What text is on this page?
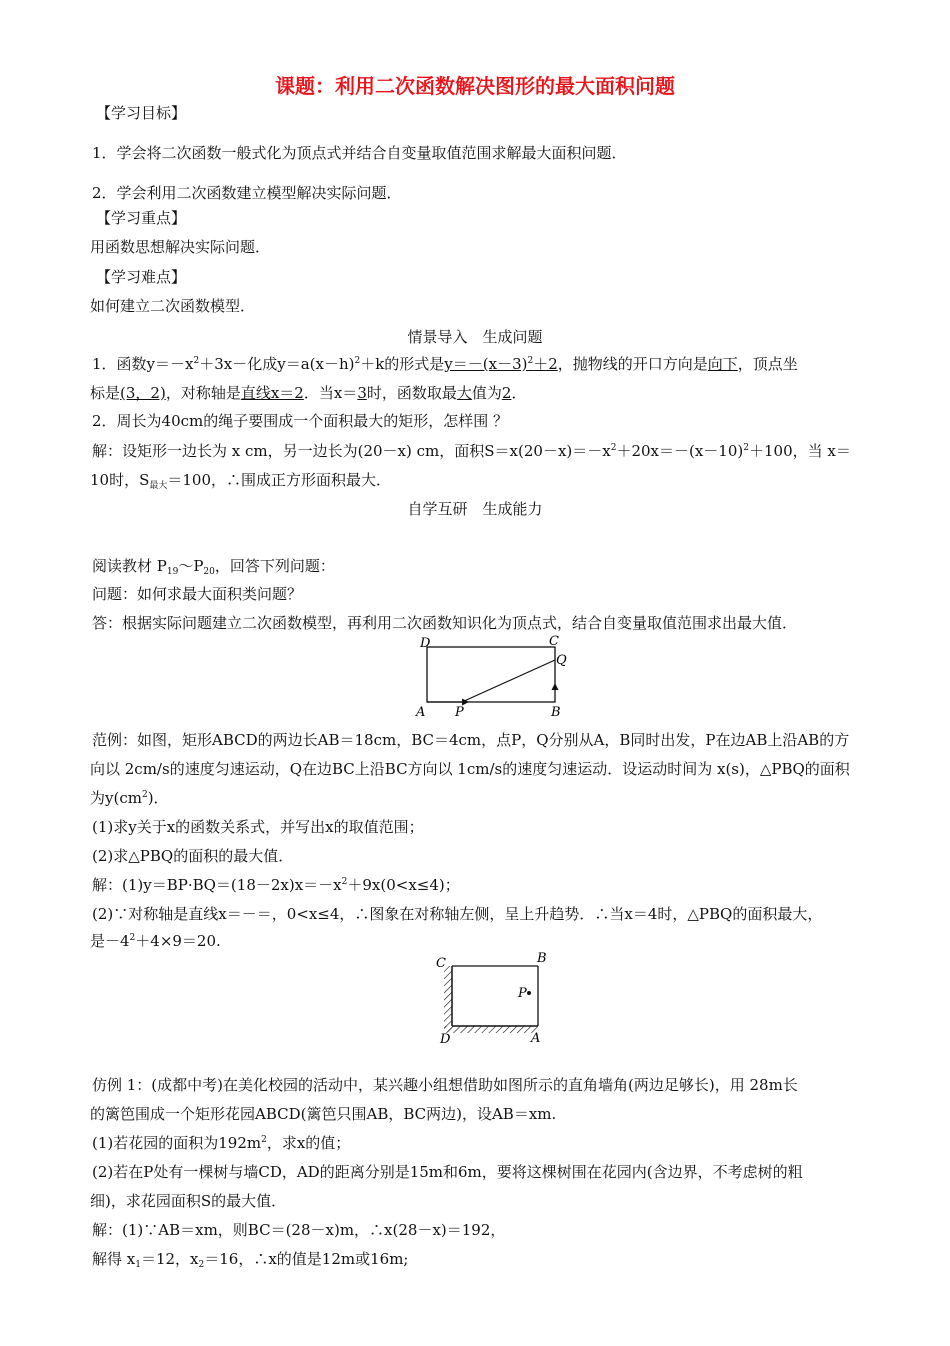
课题：利用二次函数解决图形的最大面积问题
【学习目标】
1．学会将二次函数一般式化为顶点式并结合自变量取值范围求解最大面积问题．
2．学会利用二次函数建立模型解决实际问题．
【学习重点】
用函数思想解决实际问题．
【学习难点】
如何建立二次函数模型．
情景导入　生成问题
1．函数$y=-x^2+3x-$化成$y=a(x-h)^2+k$的形式是$y=-(x-3)^2+2$，抛物线的开口方向是向下，顶点坐
标是(3，2)，对称轴是直线x＝2．当x＝3时，函数取最大值为2．
2．周长为40cm的绳子要围成一个面积最大的矩形，怎样围 ？
解：设矩形一边长为 x cm，另一边长为(20－x) cm，面积$S=x(20-x)=-x^2+20x=-(x-10)^2+100$，当 x＝
10时，$S_{最大}=100$，∴围成正方形面积最大．
自学互研　生成能力
阅读教材 $P_{19}\sim P_{20}$，回答下列问题：
问题：如何求最大面积类问题？
答：根据实际问题建立二次函数模型，再利用二次函数知识化为顶点式，结合自变量取值范围求出最大值．
D	C
Q
A P	B
范例：如图，矩形ABCD的两边长AB＝18cm，BC＝4cm，点P，Q分别从A，B同时出发，P在边AB上沿AB的方
向以 2cm/s的速度匀速运动，Q在边BC上沿BC方向以 1cm/s的速度匀速运动．设运动时间为 x(s)，△PBQ的面积
为$y(cm^2)$．
(1)求y关于x的函数关系式，并写出x的取值范围；
(2)求△PBQ的面积的最大值．
解：$(1)y=BP\cdot BQ=(18-2x)x=-x^2+9x(0<x\le 4)$；
(2)∵对称轴是直线x＝－＝，0<x≤4，∴图象在对称轴左侧，呈上升趋势．∴当x＝4时，△PBQ的面积最大，
是$-4^2+4\times 9=20$.
C	B
P
D	A
仿例 1：(成都中考)在美化校园的活动中，某兴趣小组想借助如图所示的直角墙角(两边足够长)，用 28m长
的篱笆围成一个矩形花园ABCD(篱笆只围AB，BC两边)，设AB＝xm.
(1)若花园的面积为$192m^2$，求x的值；
(2)若在P处有一棵树与墙CD，AD的距离分别是15m和6m，要将这棵树围在花园内(含边界，不考虑树的粗
细)，求花园面积S的最大值．
解：(1)∵AB＝xm，则BC＝(28－x)m，∴x(28－x)＝192，
解得 $x_1=12$，$x_2=16$，∴x的值是12m或16m;
